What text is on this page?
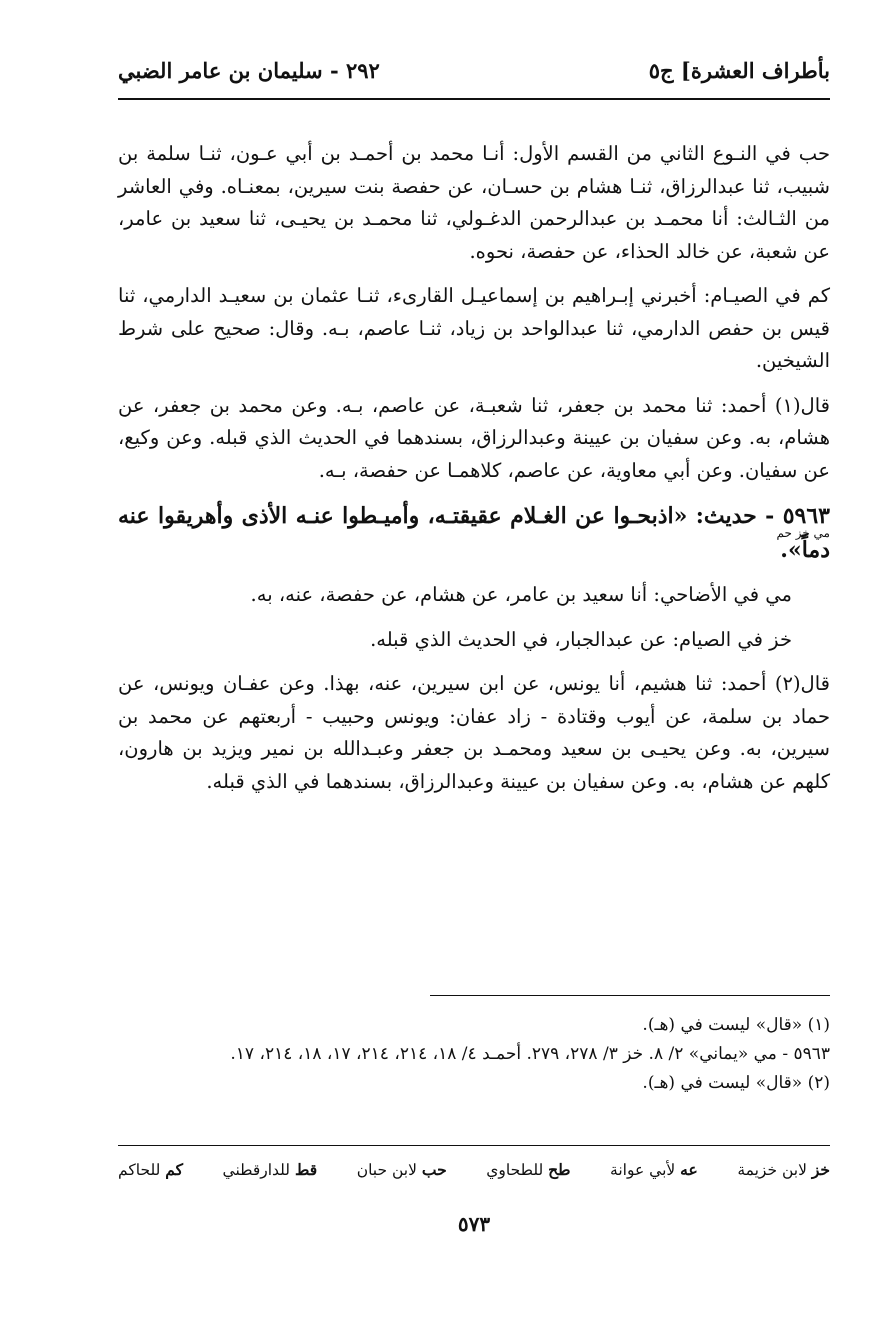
بأطراف العشرة] ج٥
٢٩٢ - سليمان بن عامر الضبي

حب في النـوع الثاني من القسم الأول: أنـا محمد بن أحمـد بن أبي عـون، ثنـا سلمة بن شبيب، ثنا عبدالرزاق، ثنـا هشام بن حسـان، عن حفصة بنت سيرين، بمعنـاه. وفي العاشر من الثـالث: أنا محمـد بن عبدالرحمن الدغـولي، ثنا محمـد بن يحيـى، ثنا سعيد بن عامر، عن شعبة، عن خالد الحذاء، عن حفصة، نحوه.

كم في الصيـام: أخبرني إبـراهيم بن إسماعيـل القارىء، ثنـا عثمان بن سعيـد الدارمي، ثنا قيس بن حفص الدارمي، ثنا عبدالواحد بن زياد، ثنـا عاصم، بـه. وقال: صحيح على شرط الشيخين.

قال(١) أحمد: ثنا محمد بن جعفر، ثنا شعبـة، عن عاصم، بـه. وعن محمد بن جعفر، عن هشام، به. وعن سفيان بن عيينة وعبدالرزاق، بسندهما في الحديث الذي قبله. وعن وكيع، عن سفيان. وعن أبي معاوية، عن عاصم، كلاهمـا عن حفصة، بـه.

مي خز حم

٥٩٦٣ - حديث: «اذبحـوا عن الغـلام عقيقتـه، وأميـطوا عنـه الأذى وأهريقوا عنه دماً».

مي في الأضاحي: أنا سعيد بن عامر، عن هشام، عن حفصة، عنه، به.

خز في الصيام: عن عبدالجبار، في الحديث الذي قبله.

قال(٢) أحمد: ثنا هشيم، أنا يونس، عن ابن سيرين، عنه، بهذا. وعن عفـان ويونس، عن حماد بن سلمة، عن أيوب وقتادة - زاد عفان: ويونس وحبيب - أربعتهم عن محمد بن سيرين، به. وعن يحيـى بن سعيد ومحمـد بن جعفر وعبـدالله بن نمير ويزيد بن هارون، كلهم عن هشام، به. وعن سفيان بن عيينة وعبدالرزاق، بسندهما في الذي قبله.

(١) «قال» ليست في (هـ).

٥٩٦٣ - مي «يماني» ٢/ ٨. خز ٣/ ٢٧٨، ٢٧٩. أحمـد ٤/ ١٨، ٢١٤، ٢١٤، ١٧، ١٨، ٢١٤، ١٧.

(٢) «قال» ليست في (هـ).

خز لابن خزيمة
عه لأبي عوانة
طح للطحاوي
حب لابن حبان
قط للدارقطني
كم للحاكم
٥٧٣
